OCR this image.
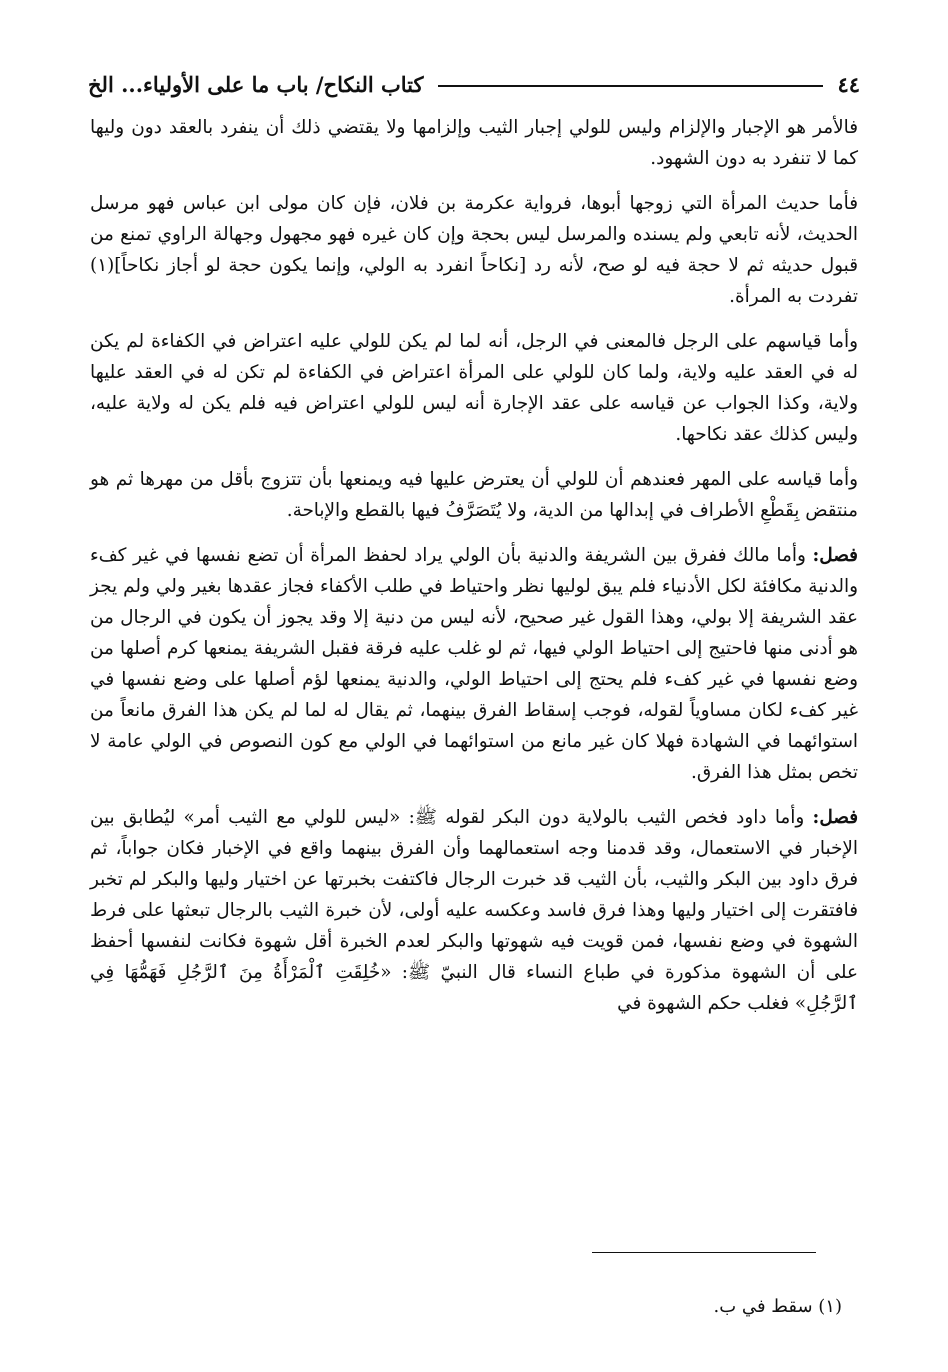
٤٤
كتاب النكاح/ باب ما على الأولياء... الخ

فالأمر هو الإجبار والإلزام وليس للولي إجبار الثيب وإلزامها ولا يقتضي ذلك أن ينفرد بالعقد دون وليها كما لا تنفرد به دون الشهود.

فأما حديث المرأة التي زوجها أبوها، فرواية عكرمة بن فلان، فإن كان مولى ابن عباس فهو مرسل الحديث، لأنه تابعي ولم يسنده والمرسل ليس بحجة وإن كان غيره فهو مجهول وجهالة الراوي تمنع من قبول حديثه ثم لا حجة فيه لو صح، لأنه رد [نكاحاً انفرد به الولي، وإنما يكون حجة لو أجاز نكاحاً](١) تفردت به المرأة.

وأما قياسهم على الرجل فالمعنى في الرجل، أنه لما لم يكن للولي عليه اعتراض في الكفاءة لم يكن له في العقد عليه ولاية، ولما كان للولي على المرأة اعتراض في الكفاءة لم تكن له في العقد عليها ولاية، وكذا الجواب عن قياسه على عقد الإجارة أنه ليس للولي اعتراض فيه فلم يكن له ولاية عليه، وليس كذلك عقد نكاحها.

وأما قياسه على المهر فعندهم أن للولي أن يعترض عليها فيه ويمنعها بأن تتزوج بأقل من مهرها ثم هو منتقض بِقَطْعِ الأطراف في إبدالها من الدية، ولا يُتَصَرَّفُ فيها بالقطع والإباحة.

فصل: وأما مالك ففرق بين الشريفة والدنية بأن الولي يراد لحفظ المرأة أن تضع نفسها في غير كفء والدنية مكافئة لكل الأدنياء فلم يبق لوليها نظر واحتياط في طلب الأكفاء فجاز عقدها بغير ولي ولم يجز عقد الشريفة إلا بولي، وهذا القول غير صحيح، لأنه ليس من دنية إلا وقد يجوز أن يكون في الرجال من هو أدنى منها فاحتيج إلى احتياط الولي فيها، ثم لو غلب عليه فرقة فقبل الشريفة يمنعها كرم أصلها من وضع نفسها في غير كفء فلم يحتج إلى احتياط الولي، والدنية يمنعها لؤم أصلها على وضع نفسها في غير كفء لكان مساوياً لقوله، فوجب إسقاط الفرق بينهما، ثم يقال له لما لم يكن هذا الفرق مانعاً من استوائهما في الشهادة فهلا كان غير مانع من استوائهما في الولي مع كون النصوص في الولي عامة لا تخص بمثل هذا الفرق.

فصل: وأما داود فخص الثيب بالولاية دون البكر لقوله ﷺ: «ليس للولي مع الثيب أمر» ليُطابق بين الإخبار في الاستعمال، وقد قدمنا وجه استعمالهما وأن الفرق بينهما واقع في الإخبار فكان جواباً، ثم فرق داود بين البكر والثيب، بأن الثيب قد خبرت الرجال فاكتفت بخبرتها عن اختيار وليها والبكر لم تخبر فافتقرت إلى اختيار وليها وهذا فرق فاسد وعكسه عليه أولى، لأن خبرة الثيب بالرجال تبعثها على فرط الشهوة في وضع نفسها، فمن قويت فيه شهوتها والبكر لعدم الخبرة أقل شهوة فكانت لنفسها أحفظ على أن الشهوة مذكورة في طباع النساء قال النبيّ ﷺ: «خُلِقَتِ ٱلْمَرْأَةُ مِنَ ٱلرَّجُلِ فَهَمُّهَا فِي ٱلرَّجُلِ» فغلب حكم الشهوة في

(١) سقط في ب.
